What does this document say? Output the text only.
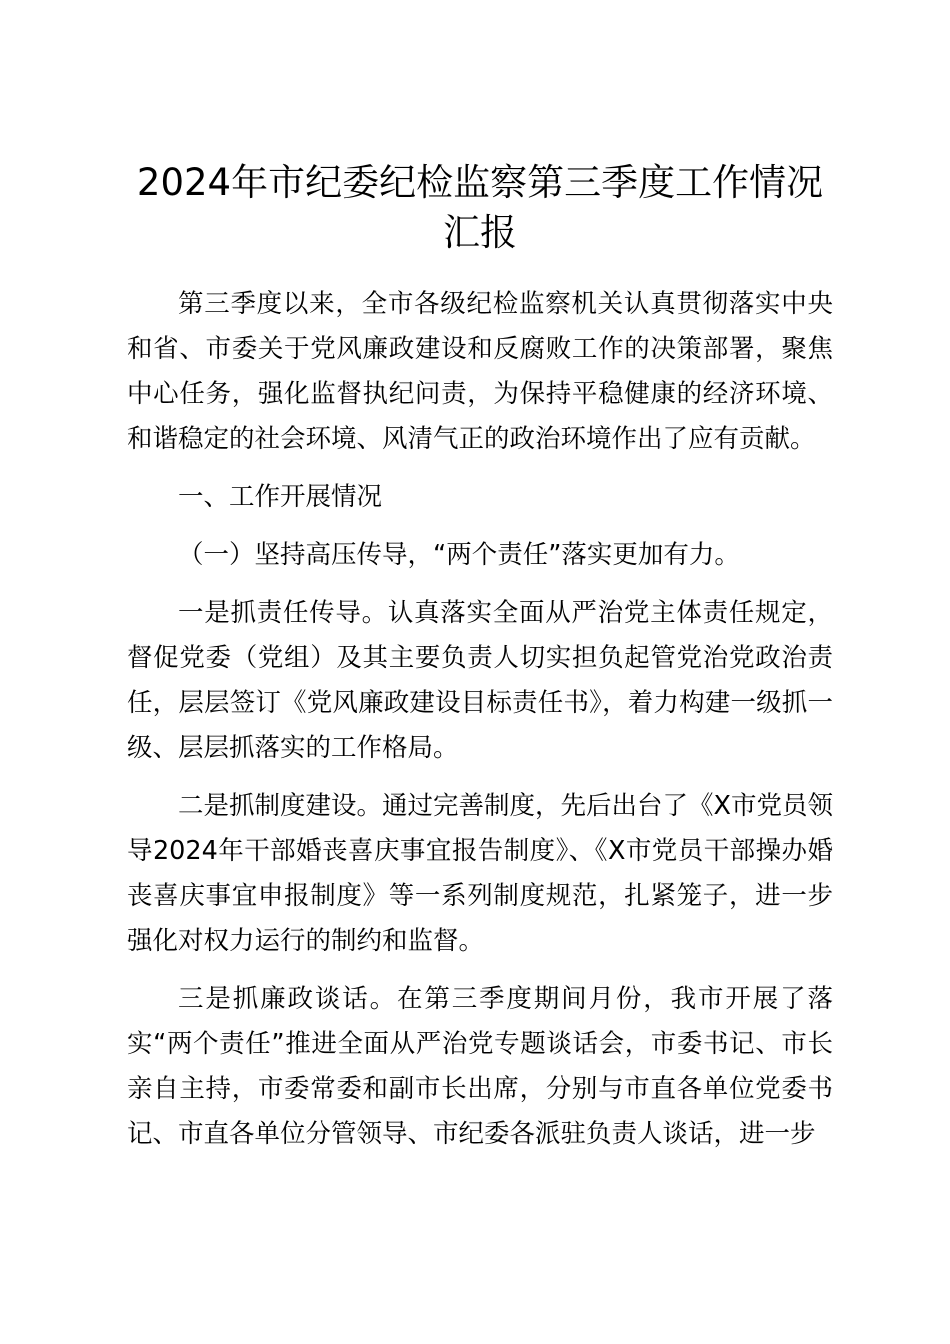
2024年市纪委纪检监察第三季度工作情况汇报

第三季度以来，全市各级纪检监察机关认真贯彻落实中央和省、市委关于党风廉政建设和反腐败工作的决策部署，聚焦中心任务，强化监督执纪问责，为保持平稳健康的经济环境、和谐稳定的社会环境、风清气正的政治环境作出了应有贡献。

一、工作开展情况

（一）坚持高压传导，“两个责任”落实更加有力。

一是抓责任传导。认真落实全面从严治党主体责任规定，督促党委（党组）及其主要负责人切实担负起管党治党政治责任，层层签订《党风廉政建设目标责任书》，着力构建一级抓一级、层层抓落实的工作格局。

二是抓制度建设。通过完善制度，先后出台了《X市党员领导2024年干部婚丧喜庆事宜报告制度》、《X市党员干部操办婚丧喜庆事宜申报制度》等一系列制度规范，扎紧笼子，进一步强化对权力运行的制约和监督。

三是抓廉政谈话。在第三季度期间月份，我市开展了落实“两个责任”推进全面从严治党专题谈话会，市委书记、市长亲自主持，市委常委和副市长出席，分别与市直各单位党委书记、市直各单位分管领导、市纪委各派驻负责人谈话，进一步
